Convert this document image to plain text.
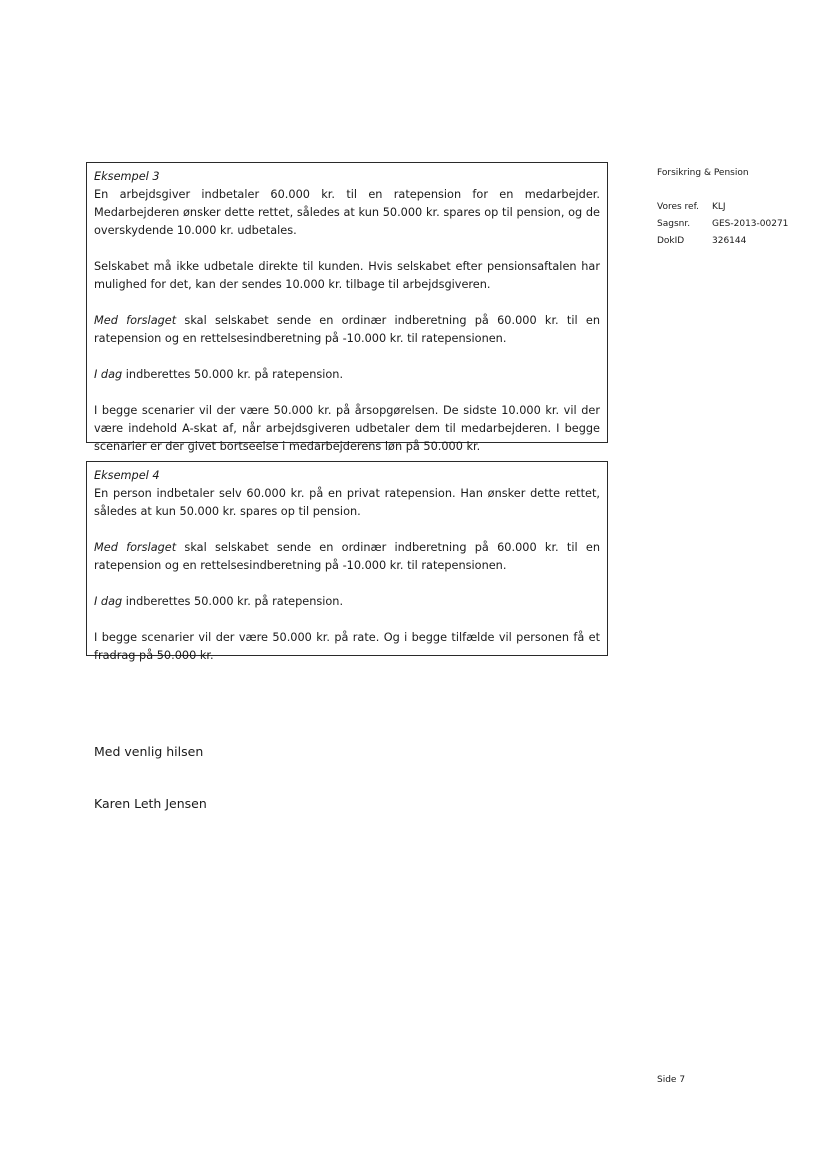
Forsikring & Pension
Vores ref.	KLJ
Sagsnr.	GES-2013-00271
DokID	326144

Eksempel 3

En arbejdsgiver indbetaler 60.000 kr. til en ratepension for en medarbejder. Medarbejderen ønsker dette rettet, således at kun 50.000 kr. spares op til pension, og de overskydende 10.000 kr. udbetales.

Selskabet må ikke udbetale direkte til kunden. Hvis selskabet efter pensionsaftalen har mulighed for det, kan der sendes 10.000 kr. tilbage til arbejdsgiveren.

Med forslaget skal selskabet sende en ordinær indberetning på 60.000 kr. til en ratepension og en rettelsesindberetning på -10.000 kr. til ratepensionen.

I dag indberettes 50.000 kr. på ratepension.

I begge scenarier vil der være 50.000 kr. på årsopgørelsen. De sidste 10.000 kr. vil der være indehold A-skat af, når arbejdsgiveren udbetaler dem til medarbejderen. I begge scenarier er der givet bortseelse i medarbejderens løn på 50.000 kr.

Eksempel 4

En person indbetaler selv 60.000 kr. på en privat ratepension. Han ønsker dette rettet, således at kun 50.000 kr. spares op til pension.

Med forslaget skal selskabet sende en ordinær indberetning på 60.000 kr. til en ratepension og en rettelsesindberetning på -10.000 kr. til ratepensionen.

I dag indberettes 50.000 kr. på ratepension.

I begge scenarier vil der være 50.000 kr. på rate. Og i begge tilfælde vil personen få et fradrag på 50.000 kr.

Med venlig hilsen
Karen Leth Jensen
Side 7
